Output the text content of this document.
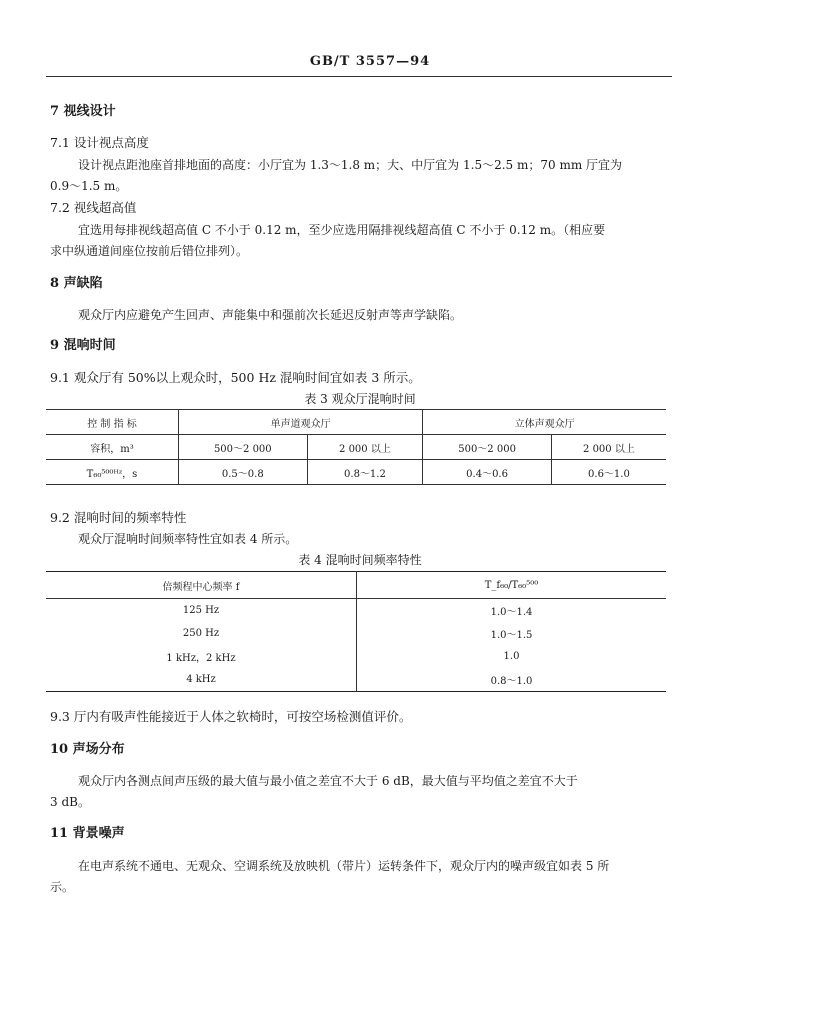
GB/T 3557—94
7 视线设计
7.1 设计视点高度
设计视点距池座首排地面的高度：小厅宜为 1.3～1.8 m；大、中厅宜为 1.5～2.5 m；70 mm 厅宜为
0.9～1.5 m。
7.2 视线超高值
宜选用每排视线超高值 C 不小于 0.12 m，至少应选用隔排视线超高值 C 不小于 0.12 m。（相应要
求中纵通道间座位按前后错位排列）。
8 声缺陷
观众厅内应避免产生回声、声能集中和强前次长延迟反射声等声学缺陷。
9 混响时间
9.1 观众厅有 50%以上观众时，500 Hz 混响时间宜如表 3 所示。
表 3 观众厅混响时间
控 制 指 标	单声道观众厅		立体声观众厅	
容积，m³	500～2 000	2 000 以上	500～2 000	2 000 以上
T₆₀⁵⁰⁰ᴴᶻ，s	0.5～0.8	0.8～1.2	0.4～0.6	0.6～1.0
9.2 混响时间的频率特性
观众厅混响时间频率特性宜如表 4 所示。
表 4 混响时间频率特性
倍频程中心频率 f	T_f₆₀/T₆₀⁵⁰⁰
125 Hz	1.0～1.4
250 Hz	1.0～1.5
1 kHz，2 kHz	1.0
4 kHz	0.8～1.0
9.3 厅内有吸声性能接近于人体之软椅时，可按空场检测值评价。
10 声场分布
观众厅内各测点间声压级的最大值与最小值之差宜不大于 6 dB，最大值与平均值之差宜不大于
3 dB。
11 背景噪声
在电声系统不通电、无观众、空调系统及放映机（带片）运转条件下，观众厅内的噪声级宜如表 5 所
示。
